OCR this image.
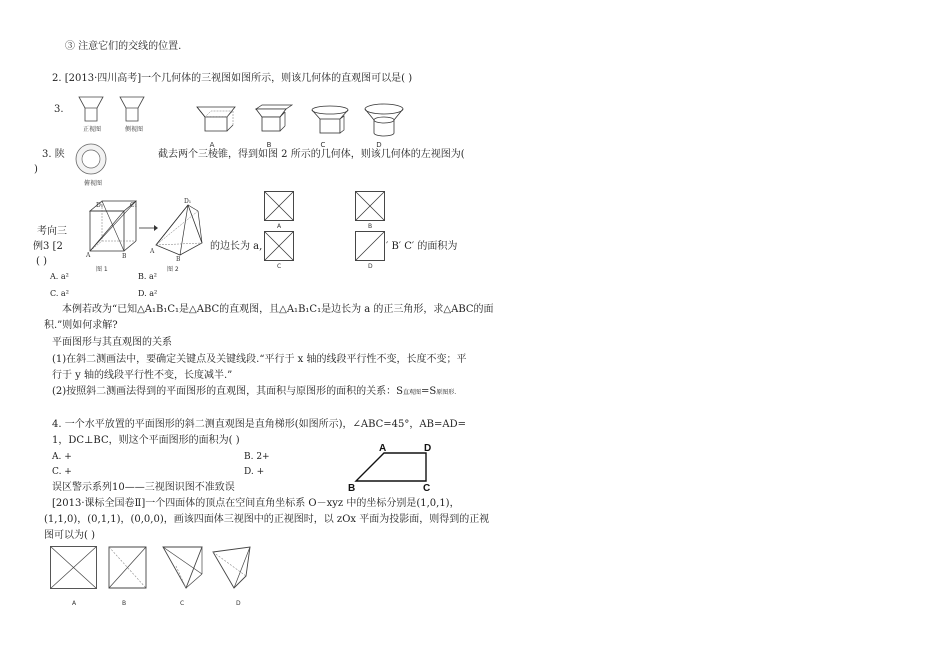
③ 注意它们的交线的位置.
2. [2013·四川高考]一个几何体的三视图如图所示，则该几何体的直观图可以是( )
3.
正视图	侧视图
俯视图
A	B	C	D
3. 陕	截去两个三棱锥，得到如图 2 所示的几何体，则该几何体的左视图为(
)
D₁	C₁
A	B
图 1
D₁
A
B
图 2
A	B
C	D
考向三
例3 [2	的边长为 a,	′ B′ C′ 的面积为
( )
A. a²	B. a²
C. a²	D. a²
本例若改为“已知△A₁B₁C₁是△ABC的直观图，且△A₁B₁C₁是边长为 a 的正三角形，求△ABC的面
积.”则如何求解?
平面图形与其直观图的关系
(1)在斜二测画法中，要确定关键点及关键线段.“平行于 x 轴的线段平行性不变，长度不变；平
行于 y 轴的线段平行性不变，长度减半.”
(2)按照斜二测画法得到的平面图形的直观图，其面积与原图形的面积的关系：S直观图=S原图形.
4. 一个水平放置的平面图形的斜二测直观图是直角梯形(如图所示)，∠ABC=45°，AB=AD=
1，DC⊥BC，则这个平面图形的面积为( )
A. +	B. 2+
C. +	D. +
A	D
B	C
误区警示系列10——三视图识图不准致误
[2013·课标全国卷Ⅱ]一个四面体的顶点在空间直角坐标系 O－xyz 中的坐标分别是(1,0,1)，
(1,1,0)，(0,1,1)，(0,0,0)，画该四面体三视图中的正视图时，以 zOx 平面为投影面，则得到的正视
图可以为( )
A	B	C	D
